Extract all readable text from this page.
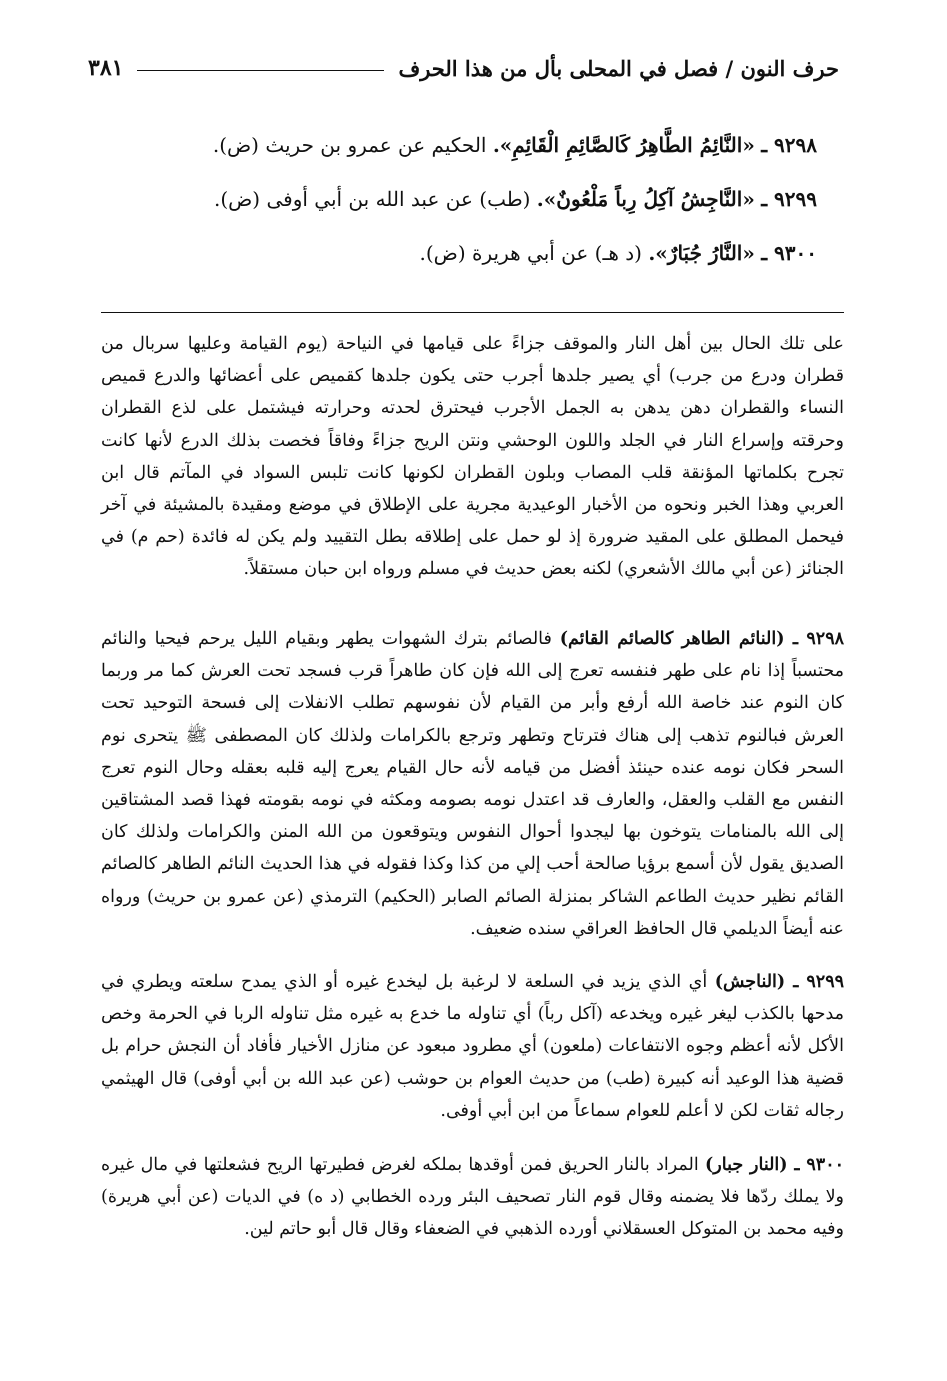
حرف النون / فصل في المحلى بأل من هذا الحرف
٣٨١
٩٢٩٨ ـ «النَّائِمُ الطَّاهِرُ كَالصَّائِمِ الْقَائِمِ». الحكيم عن عمرو بن حريث (ض).
٩٢٩٩ ـ «النَّاجِشُ آكِلُ رِباً مَلْعُونٌ». (طب) عن عبد الله بن أبي أوفى (ض).
٩٣٠٠ ـ «النَّارُ جُبَارٌ». (د هـ) عن أبي هريرة (ض).

على تلك الحال بين أهل النار والموقف جزاءً على قيامها في النياحة (يوم القيامة وعليها سربال من قطران ودرع من جرب) أي يصير جلدها أجرب حتى يكون جلدها كقميص على أعضائها والدرع قميص النساء والقطران دهن يدهن به الجمل الأجرب فيحترق لحدته وحرارته فيشتمل على لذع القطران وحرقته وإسراع النار في الجلد واللون الوحشي ونتن الريح جزاءً وفاقاً فخصت بذلك الدرع لأنها كانت تجرح بكلماتها المؤنقة قلب المصاب وبلون القطران لكونها كانت تلبس السواد في المآتم قال ابن العربي وهذا الخبر ونحوه من الأخبار الوعيدية مجرية على الإطلاق في موضع ومقيدة بالمشيئة في آخر فيحمل المطلق على المقيد ضرورة إذ لو حمل على إطلاقه بطل التقييد ولم يكن له فائدة (حم م) في الجنائز (عن أبي مالك الأشعري) لكنه بعض حديث في مسلم ورواه ابن حبان مستقلاً.

٩٢٩٨ ـ (النائم الطاهر كالصائم القائم) فالصائم بترك الشهوات يطهر وبقيام الليل يرحم فيحيا والنائم محتسباً إذا نام على طهر فنفسه تعرج إلى الله فإن كان طاهراً قرب فسجد تحت العرش كما مر وربما كان النوم عند خاصة الله أرفع وأبر من القيام لأن نفوسهم تطلب الانفلات إلى فسحة التوحيد تحت العرش فبالنوم تذهب إلى هناك فترتاح وتطهر وترجع بالكرامات ولذلك كان المصطفى ﷺ يتحرى نوم السحر فكان نومه عنده حينئذ أفضل من قيامه لأنه حال القيام يعرج إليه قلبه بعقله وحال النوم تعرج النفس مع القلب والعقل، والعارف قد اعتدل نومه بصومه ومكثه في نومه بقومته فهذا قصد المشتاقين إلى الله بالمنامات يتوخون بها ليجدوا أحوال النفوس ويتوقعون من الله المنن والكرامات ولذلك كان الصديق يقول لأن أسمع برؤيا صالحة أحب إلي من كذا وكذا فقوله في هذا الحديث النائم الطاهر كالصائم القائم نظير حديث الطاعم الشاكر بمنزلة الصائم الصابر (الحكيم) الترمذي (عن عمرو بن حريث) ورواه عنه أيضاً الديلمي قال الحافظ العراقي سنده ضعيف.

٩٢٩٩ ـ (الناجش) أي الذي يزيد في السلعة لا لرغبة بل ليخدع غيره أو الذي يمدح سلعته ويطري في مدحها بالكذب ليغر غيره ويخدعه (آكل رباً) أي تناوله ما خدع به غيره مثل تناوله الربا في الحرمة وخص الأكل لأنه أعظم وجوه الانتفاعات (ملعون) أي مطرود مبعود عن منازل الأخيار فأفاد أن النجش حرام بل قضية هذا الوعيد أنه كبيرة (طب) من حديث العوام بن حوشب (عن عبد الله بن أبي أوفى) قال الهيثمي رجاله ثقات لكن لا أعلم للعوام سماعاً من ابن أبي أوفى.

٩٣٠٠ ـ (النار جبار) المراد بالنار الحريق فمن أوقدها بملكه لغرض فطيرتها الريح فشعلتها في مال غيره ولا يملك ردّها فلا يضمنه وقال قوم النار تصحيف البئر ورده الخطابي (د ه) في الديات (عن أبي هريرة) وفيه محمد بن المتوكل العسقلاني أورده الذهبي في الضعفاء وقال قال أبو حاتم لين.
